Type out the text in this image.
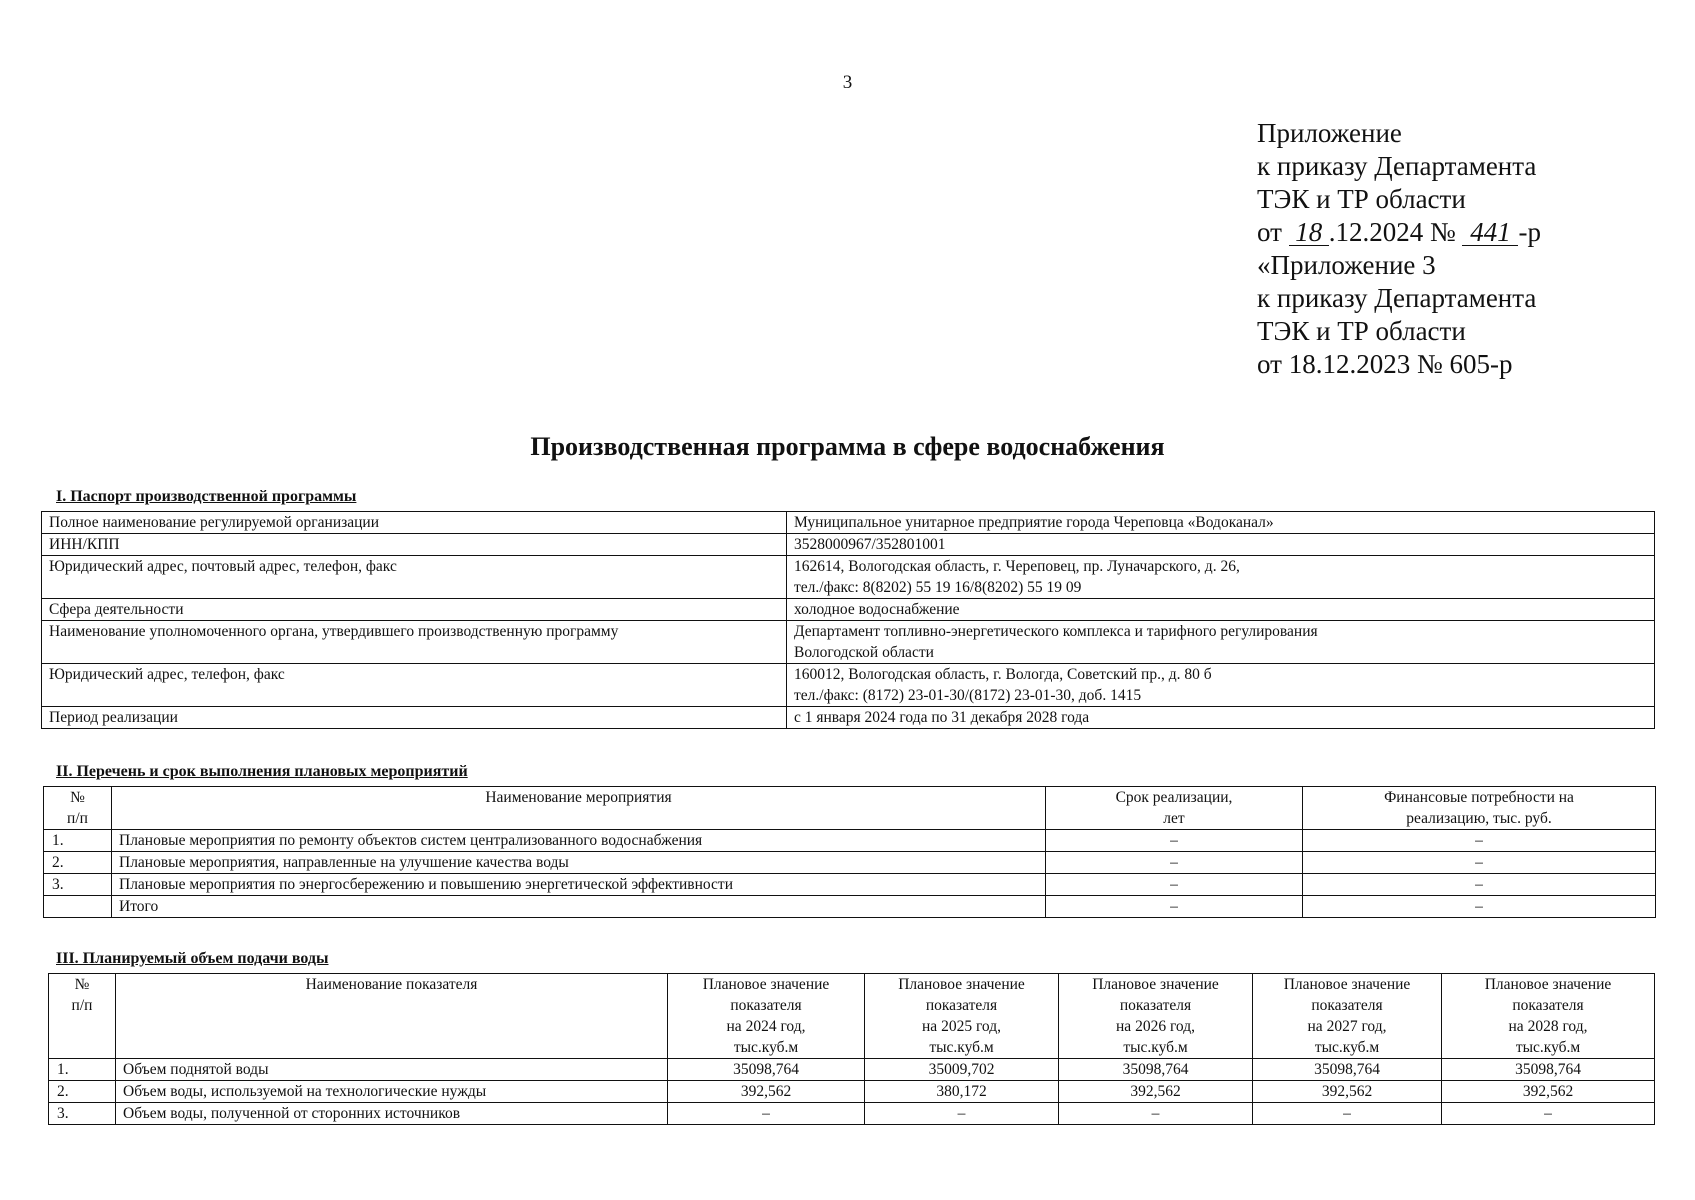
3
Приложение
к приказу Департамента
ТЭК и ТР области
от 18 .12.2024 № 441 -р
«Приложение 3
к приказу Департамента
ТЭК и ТР области
от 18.12.2023 № 605-р
Производственная программа в сфере водоснабжения
I. Паспорт производственной программы
Полное наименование регулируемой организации	Муниципальное унитарное предприятие города Череповца «Водоканал»

ИНН/КПП	3528000967/352801001

Юридический адрес, почтовый адрес, телефон, факс	162614, Вологодская область, г. Череповец, пр. Луначарского, д. 26,
тел./факс: 8(8202) 55 19 16/8(8202) 55 19 09

Сфера деятельности	холодное водоснабжение

Наименование уполномоченного органа, утвердившего производственную программу	Департамент топливно-энергетического комплекса и тарифного регулирования
Вологодской области

Юридический адрес, телефон, факс	160012, Вологодская область, г. Вологда, Советский пр., д. 80 б
тел./факс: (8172) 23-01-30/(8172) 23-01-30, доб. 1415

Период реализации	с 1 января 2024 года по 31 декабря 2028 года
II. Перечень и срок выполнения плановых мероприятий
№
п/п	Наименование мероприятия	Срок реализации,
лет	Финансовые потребности на
реализацию, тыс. руб.
1.	Плановые мероприятия по ремонту объектов систем централизованного водоснабжения	–	–
2.	Плановые мероприятия, направленные на улучшение качества воды	–	–
3.	Плановые мероприятия по энергосбережению и повышению энергетической эффективности	–	–
	Итого	–	–
III. Планируемый объем подачи воды
№
п/п	Наименование показателя	Плановое значение
показателя
на 2024 год,
тыс.куб.м	Плановое значение
показателя
на 2025 год,
тыс.куб.м	Плановое значение
показателя
на 2026 год,
тыс.куб.м	Плановое значение
показателя
на 2027 год,
тыс.куб.м	Плановое значение
показателя
на 2028 год,
тыс.куб.м
1.	Объем поднятой воды	35098,764	35009,702	35098,764	35098,764	35098,764
2.	Объем воды, используемой на технологические нужды	392,562	380,172	392,562	392,562	392,562
3.	Объем воды, полученной от сторонних источников	–	–	–	–	–
